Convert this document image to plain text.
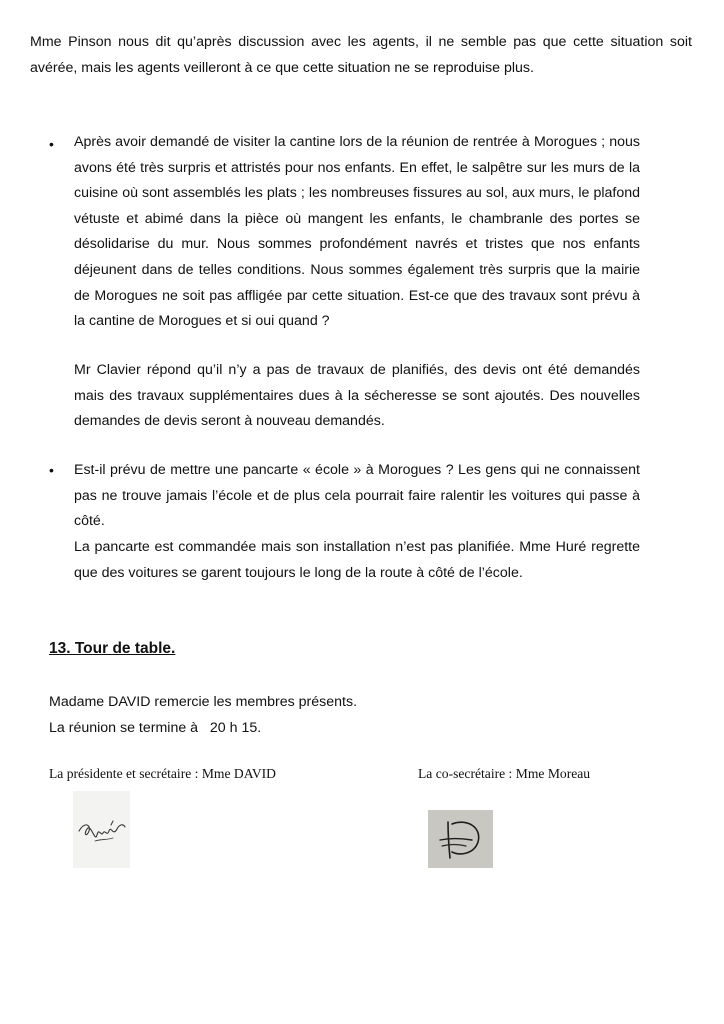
Mme Pinson nous dit qu’après discussion avec les agents, il ne semble pas que cette situation soit avérée, mais les agents veilleront à ce que cette situation ne se reproduise plus.
• Après avoir demandé de visiter la cantine lors de la réunion de rentrée à Morogues ; nous avons été très surpris et attristés pour nos enfants. En effet, le salpêtre sur les murs de la cuisine où sont assemblés les plats ; les nombreuses fissures au sol, aux murs, le plafond vétuste et abimé dans la pièce où mangent les enfants, le chambranle des portes se désolidarise du mur. Nous sommes profondément navrés et tristes que nos enfants déjeunent dans de telles conditions. Nous sommes également très surpris que la mairie de Morogues ne soit pas affligée par cette situation. Est-ce que des travaux sont prévu à la cantine de Morogues et si oui quand ?
Mr Clavier répond qu’il n’y a pas de travaux de planifiés, des devis ont été demandés mais des travaux supplémentaires dues à la sécheresse se sont ajoutés. Des nouvelles demandes de devis seront à nouveau demandés.
• Est-il prévu de mettre une pancarte « école » à Morogues ? Les gens qui ne connaissent pas ne trouve jamais l’école et de plus cela pourrait faire ralentir les voitures qui passe à côté.
La pancarte est commandée mais son installation n’est pas planifiée. Mme Huré regrette que des voitures se garent toujours le long de la route à côté de l’école.
13. Tour de table.
Madame DAVID remercie les membres présents.
La réunion se termine à   20 h 15.
La présidente et secrétaire : Mme DAVID	La co-secrétaire : Mme Moreau
